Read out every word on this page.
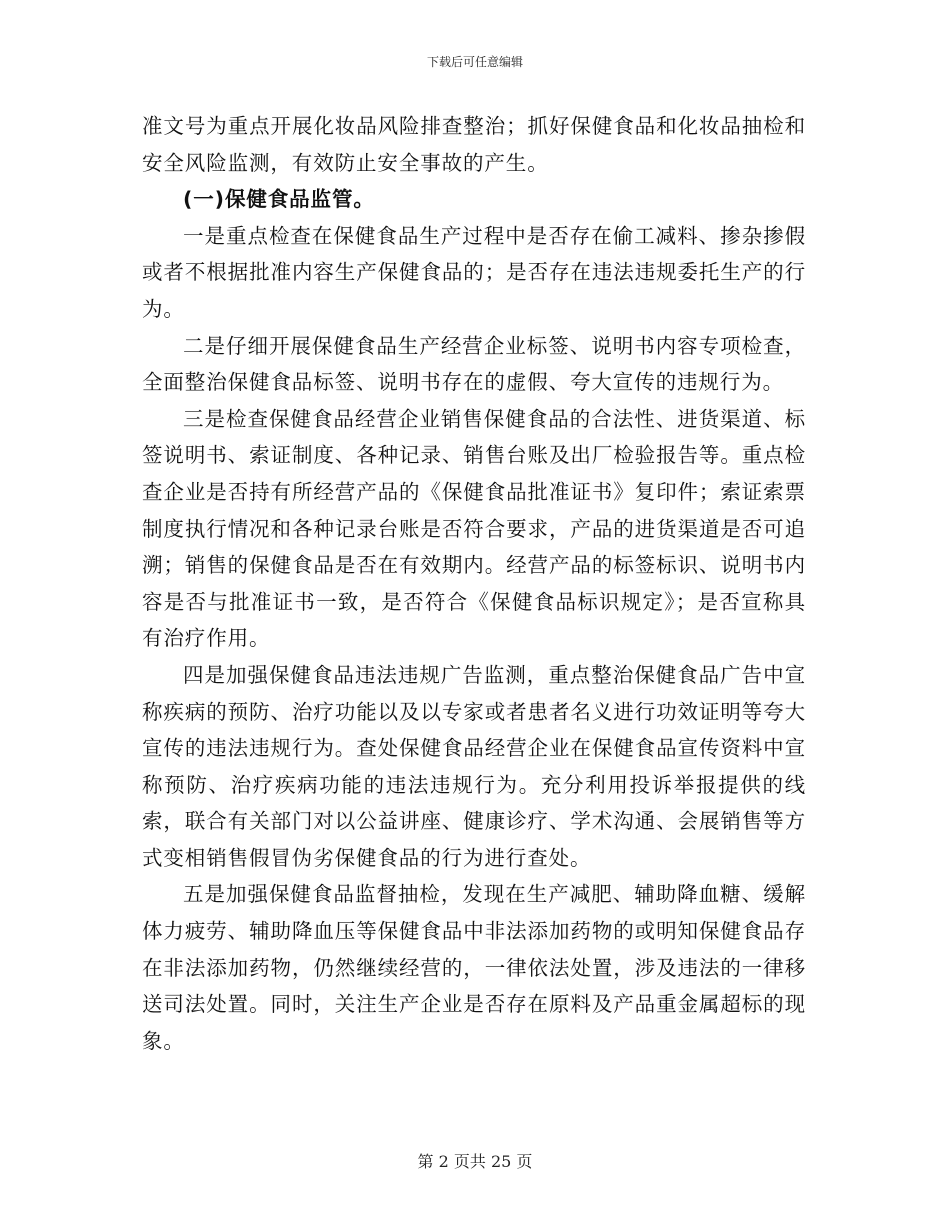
下载后可任意编辑

准文号为重点开展化妆品风险排查整治；抓好保健食品和化妆品抽检和安全风险监测，有效防止安全事故的产生。

(一)保健食品监管。

一是重点检查在保健食品生产过程中是否存在偷工减料、掺杂掺假或者不根据批准内容生产保健食品的；是否存在违法违规委托生产的行为。

二是仔细开展保健食品生产经营企业标签、说明书内容专项检查，全面整治保健食品标签、说明书存在的虚假、夸大宣传的违规行为。

三是检查保健食品经营企业销售保健食品的合法性、进货渠道、标签说明书、索证制度、各种记录、销售台账及出厂检验报告等。重点检查企业是否持有所经营产品的《保健食品批准证书》复印件；索证索票制度执行情况和各种记录台账是否符合要求，产品的进货渠道是否可追溯；销售的保健食品是否在有效期内。经营产品的标签标识、说明书内容是否与批准证书一致，是否符合《保健食品标识规定》；是否宣称具有治疗作用。

四是加强保健食品违法违规广告监测，重点整治保健食品广告中宣称疾病的预防、治疗功能以及以专家或者患者名义进行功效证明等夸大宣传的违法违规行为。查处保健食品经营企业在保健食品宣传资料中宣称预防、治疗疾病功能的违法违规行为。充分利用投诉举报提供的线索，联合有关部门对以公益讲座、健康诊疗、学术沟通、会展销售等方式变相销售假冒伪劣保健食品的行为进行查处。

五是加强保健食品监督抽检，发现在生产减肥、辅助降血糖、缓解体力疲劳、辅助降血压等保健食品中非法添加药物的或明知保健食品存在非法添加药物，仍然继续经营的，一律依法处置，涉及违法的一律移送司法处置。同时，关注生产企业是否存在原料及产品重金属超标的现象。

第 2 页共 25 页
